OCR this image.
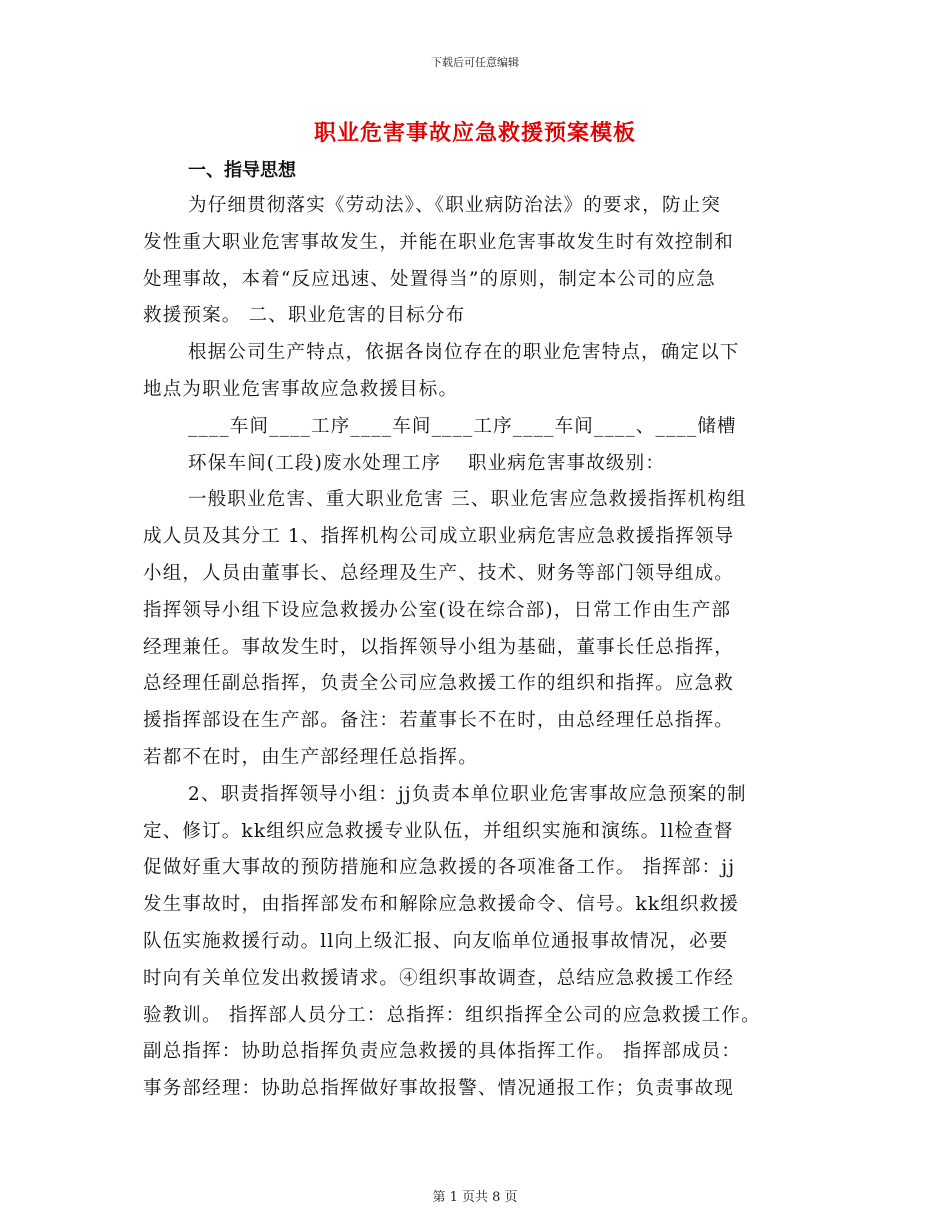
下载后可任意编辑
职业危害事故应急救援预案模板
一、指导思想
为仔细贯彻落实《劳动法》、《职业病防治法》的要求，防止突
发性重大职业危害事故发生，并能在职业危害事故发生时有效控制和
处理事故，本着“反应迅速、处置得当”的原则，制定本公司的应急
救援预案。 二、职业危害的目标分布
根据公司生产特点，依据各岗位存在的职业危害特点，确定以下
地点为职业危害事故应急救援目标。
____车间____工序____车间____工序____车间____、____储槽
环保车间(工段)废水处理工序　 职业病危害事故级别：
一般职业危害、重大职业危害 三、职业危害应急救援指挥机构组
成人员及其分工 1、指挥机构公司成立职业病危害应急救援指挥领导
小组，人员由董事长、总经理及生产、技术、财务等部门领导组成。
指挥领导小组下设应急救援办公室(设在综合部)，日常工作由生产部
经理兼任。事故发生时，以指挥领导小组为基础，董事长任总指挥，
总经理任副总指挥，负责全公司应急救援工作的组织和指挥。应急救
援指挥部设在生产部。备注：若董事长不在时，由总经理任总指挥。
若都不在时，由生产部经理任总指挥。
2、职责指挥领导小组：jj负责本单位职业危害事故应急预案的制
定、修订。kk组织应急救援专业队伍，并组织实施和演练。ll检查督
促做好重大事故的预防措施和应急救援的各项准备工作。 指挥部：jj
发生事故时，由指挥部发布和解除应急救援命令、信号。kk组织救援
队伍实施救援行动。ll向上级汇报、向友临单位通报事故情况，必要
时向有关单位发出救援请求。④组织事故调查，总结应急救援工作经
验教训。 指挥部人员分工：总指挥：组织指挥全公司的应急救援工作。
副总指挥：协助总指挥负责应急救援的具体指挥工作。 指挥部成员：
事务部经理：协助总指挥做好事故报警、情况通报工作；负责事故现
第 1 页共 8 页
